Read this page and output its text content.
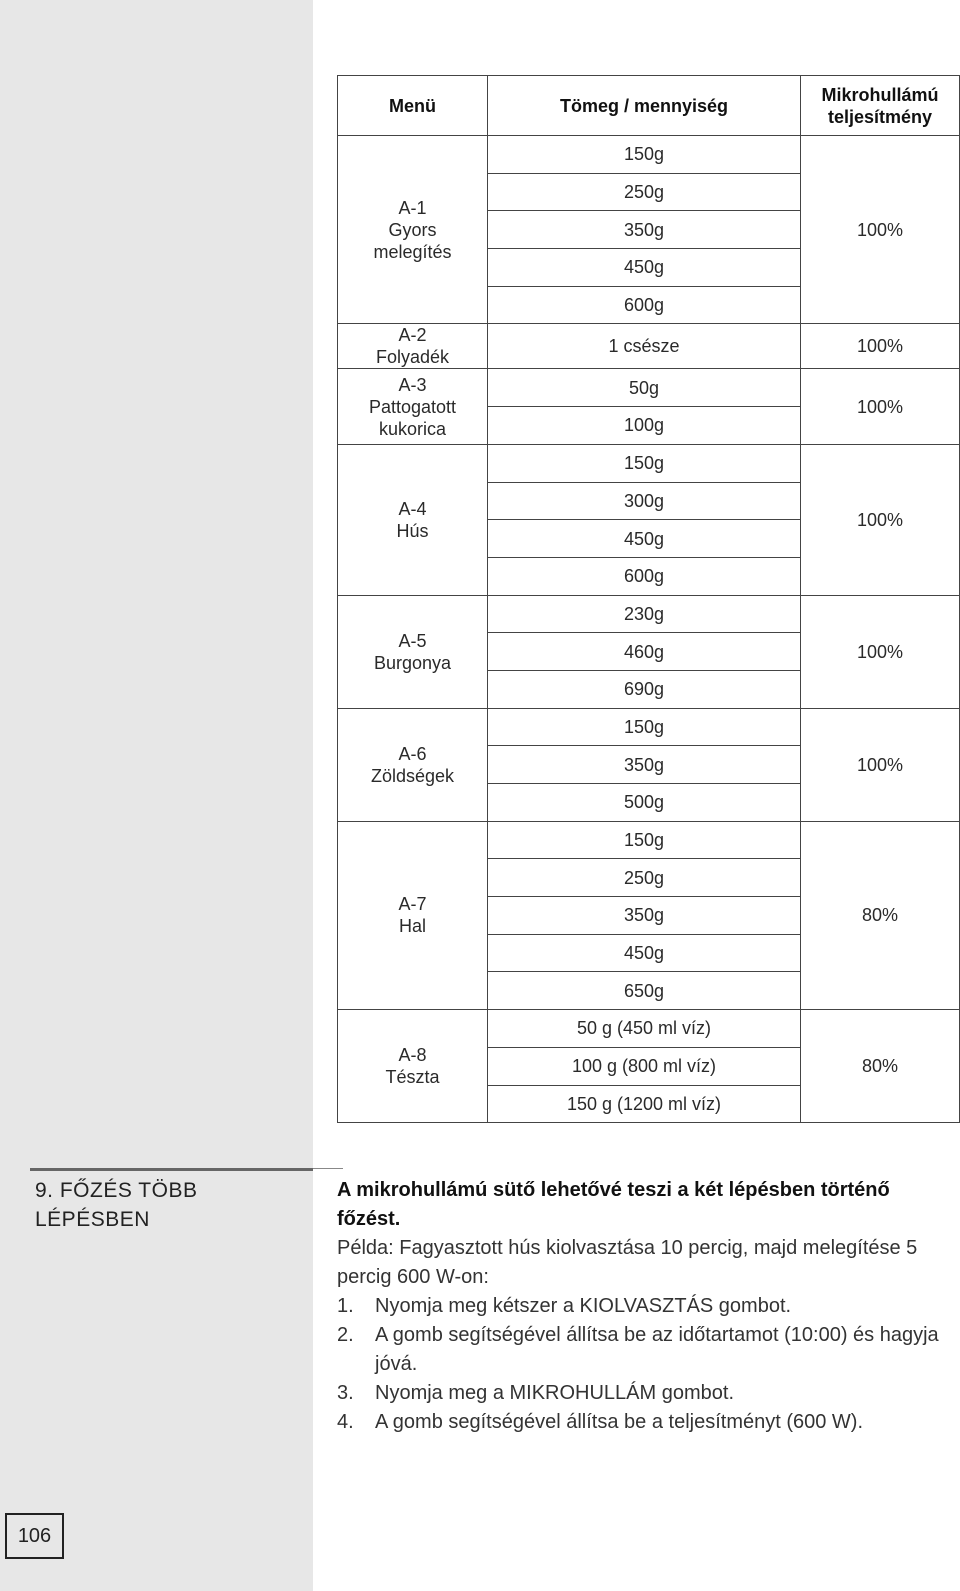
Menü	Tömeg / mennyiség	Mikrohullámú teljesítmény
A-1
Gyors
melegítés	150g	100%
	250g	
	350g	
	450g	
	600g	
A-2
Folyadék	1 csésze	100%
A-3
Pattogatott
kukorica	50g	100%
	100g	
A-4
Hús	150g	100%
	300g	
	450g	
	600g	
A-5
Burgonya	230g	100%
	460g	
	690g	
A-6
Zöldségek	150g	100%
	350g	
	500g	
A-7
Hal	150g	80%
	250g	
	350g	
	450g	
	650g	
A-8
Tészta	50 g (450 ml víz)	80%
	100 g (800 ml víz)	
	150 g (1200 ml víz)	
9. FŐZÉS TÖBB LÉPÉSBEN
A mikrohullámú sütő lehetővé teszi a két lépésben történő főzést.
Példa: Fagyasztott hús kiolvasztása 10 percig, majd melegítése 5 percig 600 W-on:
1.	Nyomja meg kétszer a KIOLVASZTÁS gombot.
2.	A gomb segítségével állítsa be az időtartamot (10:00) és hagyja jóvá.
3.	Nyomja meg a MIKROHULLÁM gombot.
4.	A gomb segítségével állítsa be a teljesítményt (600 W).
106
